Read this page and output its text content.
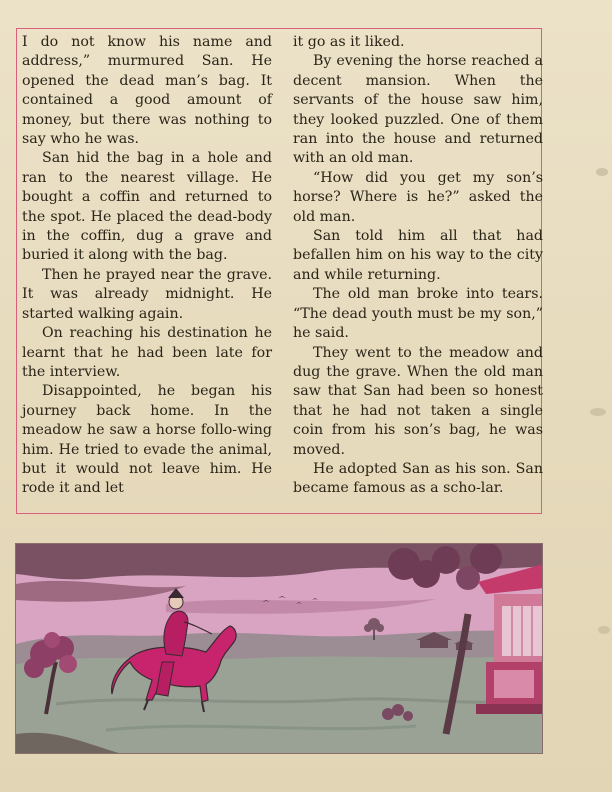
I do not know his name and address,” murmured San. He opened the dead man’s bag. It contained a good amount of money, but there was nothing to say who he was.

San hid the bag in a hole and ran to the nearest village. He bought a coffin and returned to the spot. He placed the dead-body in the coffin, dug a grave and buried it along with the bag.

Then he prayed near the grave. It was already midnight. He started walking again.

On reaching his destination he learnt that he had been late for the interview.

Disappointed, he began his journey back home. In the meadow he saw a horse follo-wing him. He tried to evade the animal, but it would not leave him. He rode it and let

it go as it liked.

By evening the horse reached a decent mansion. When the servants of the house saw him, they looked puzzled. One of them ran into the house and returned with an old man.

“How did you get my son’s horse? Where is he?” asked the old man.

San told him all that had befallen him on his way to the city and while returning.

The old man broke into tears. “The dead youth must be my son,” he said.

They went to the meadow and dug the grave. When the old man saw that San had been so honest that he had not taken a single coin from his son’s bag, he was moved.

He adopted San as his son. San became famous as a scho-lar.
